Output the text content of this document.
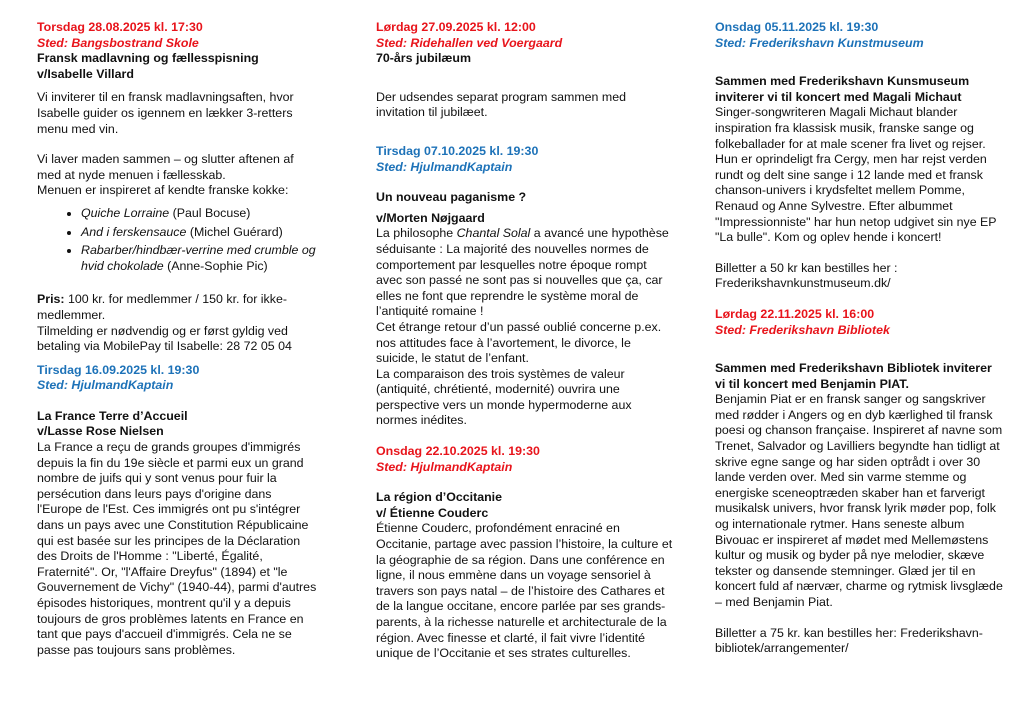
Torsdag 28.08.2025 kl. 17:30

Sted: Bangsbostrand Skole

Fransk madlavning og fællesspisning

v/Isabelle Villard

Vi inviterer til en fransk madlavningsaften, hvor Isabelle guider os igennem en lækker 3-retters menu med vin.

Vi laver maden sammen – og slutter aftenen af med at nyde menuen i fællesskab.

Menuen er inspireret af kendte franske kokke:

• Quiche Lorraine (Paul Bocuse)
• And i ferskensauce (Michel Guérard)
• Rabarber/hindbær-verrine med crumble og hvid chokolade (Anne-Sophie Pic)

Pris: 100 kr. for medlemmer / 150 kr. for ikke-medlemmer.

Tilmelding er nødvendig og er først gyldig ved betaling via MobilePay til Isabelle: 28 72 05 04

Tirsdag 16.09.2025 kl. 19:30

Sted: HjulmandKaptain

La France Terre d’Accueil

v/Lasse Rose Nielsen

La France a reçu de grands groupes d'immigrés depuis la fin du 19e siècle et parmi eux un grand nombre de juifs qui y sont venus pour fuir la persécution dans leurs pays d'origine dans l'Europe de l'Est. Ces immigrés ont pu s'intégrer dans un pays avec une Constitution Républicaine qui est basée sur les principes de la Déclaration des Droits de l'Homme : "Liberté, Égalité, Fraternité". Or, "l'Affaire Dreyfus" (1894) et "le Gouvernement de Vichy" (1940-44), parmi d'autres épisodes historiques, montrent qu'il y a depuis toujours de gros problèmes latents en France en tant que pays d'accueil d'immigrés. Cela ne se passe pas toujours sans problèmes.

Lørdag 27.09.2025 kl. 12:00

Sted: Ridehallen ved Voergaard

70-års jubilæum

Der udsendes separat program sammen med invitation til jubilæet.

Tirsdag 07.10.2025 kl. 19:30

Sted: HjulmandKaptain

Un nouveau paganisme ?

v/Morten Nøjgaard

La philosophe Chantal Solal a avancé une hypothèse séduisante : La majorité des nouvelles normes de comportement par lesquelles notre époque rompt avec son passé ne sont pas si nouvelles que ça, car elles ne font que reprendre le système moral de l’antiquité romaine !

Cet étrange retour d’un passé oublié concerne p.ex. nos attitudes face à l’avortement, le divorce, le suicide, le statut de l’enfant.

La comparaison des trois systèmes de valeur (antiquité, chrétienté, modernité) ouvrira une perspective vers un monde hypermoderne aux normes inédites.

Onsdag 22.10.2025 kl. 19:30

Sted: HjulmandKaptain

La région d’Occitanie

v/ Étienne Couderc

Étienne Couderc, profondément enraciné en Occitanie, partage avec passion l’histoire, la culture et la géographie de sa région. Dans une conférence en ligne, il nous emmène dans un voyage sensoriel à travers son pays natal – de l’histoire des Cathares et de la langue occitane, encore parlée par ses grands-parents, à la richesse naturelle et architecturale de la région. Avec finesse et clarté, il fait vivre l’identité unique de l’Occitanie et ses strates culturelles.

Onsdag 05.11.2025 kl. 19:30

Sted: Frederikshavn Kunstmuseum

Sammen med Frederikshavn Kunsmuseum inviterer vi til koncert med Magali Michaut

Singer-songwriteren Magali Michaut blander inspiration fra klassisk musik, franske sange og folkeballader for at male scener fra livet og rejser. Hun er oprindeligt fra Cergy, men har rejst verden rundt og delt sine sange i 12 lande med et fransk chanson-univers i krydsfeltet mellem Pomme, Renaud og Anne Sylvestre. Efter albummet "Impressionniste" har hun netop udgivet sin nye EP "La bulle". Kom og oplev hende i koncert!

Billetter a 50 kr kan bestilles her : Frederikshavnkunstmuseum.dk/

Lørdag 22.11.2025 kl. 16:00

Sted: Frederikshavn Bibliotek

Sammen med Frederikshavn Bibliotek inviterer vi til koncert med Benjamin PIAT.

Benjamin Piat er en fransk sanger og sangskriver med rødder i Angers og en dyb kærlighed til fransk poesi og chanson française. Inspireret af navne som Trenet, Salvador og Lavilliers begyndte han tidligt at skrive egne sange og har siden optrådt i over 30 lande verden over. Med sin varme stemme og energiske sceneoptræden skaber han et farverigt musikalsk univers, hvor fransk lyrik møder pop, folk og internationale rytmer. Hans seneste album Bivouac er inspireret af mødet med Mellemøstens kultur og musik og byder på nye melodier, skæve tekster og dansende stemninger. Glæd jer til en koncert fuld af nærvær, charme og rytmisk livsglæde – med Benjamin Piat.

Billetter a 75 kr. kan bestilles her: Frederikshavn-bibliotek/arrangementer/
